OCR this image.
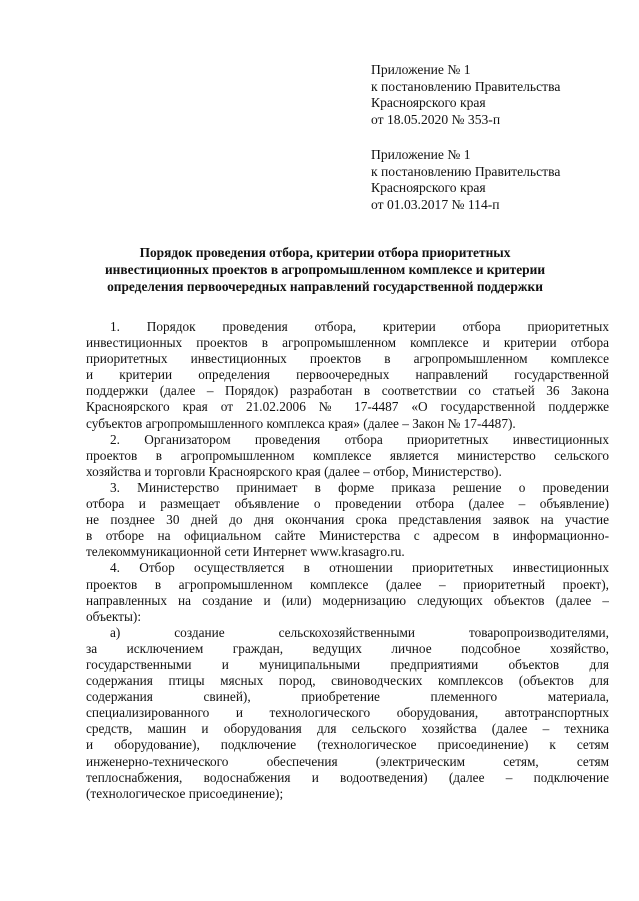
Приложение № 1
к постановлению Правительства
Красноярского края
от 18.05.2020 № 353-п
Приложение № 1
к постановлению Правительства
Красноярского края
от 01.03.2017 № 114-п
Порядок проведения отбора, критерии отбора приоритетных
инвестиционных проектов в агропромышленном комплексе и критерии
определения первоочередных направлений государственной поддержки
1. Порядок проведения отбора, критерии отбора приоритетных
инвестиционных проектов в агропромышленном комплексе и критерии отбора
приоритетных инвестиционных проектов в агропромышленном комплексе
и критерии определения первоочередных направлений государственной
поддержки (далее – Порядок) разработан в соответствии со статьей 36 Закона
Красноярского края от 21.02.2006 № 17-4487 «О государственной поддержке
субъектов агропромышленного комплекса края» (далее – Закон № 17-4487).
2. Организатором проведения отбора приоритетных инвестиционных
проектов в агропромышленном комплексе является министерство сельского
хозяйства и торговли Красноярского края (далее – отбор, Министерство).
3. Министерство принимает в форме приказа решение о проведении
отбора и размещает объявление о проведении отбора (далее – объявление)
не позднее 30 дней до дня окончания срока представления заявок на участие
в отборе на официальном сайте Министерства с адресом в информационно-
телекоммуникационной сети Интернет www.krasagro.ru.
4. Отбор осуществляется в отношении приоритетных инвестиционных
проектов в агропромышленном комплексе (далее – приоритетный проект),
направленных на создание и (или) модернизацию следующих объектов (далее –
объекты):
а) создание сельскохозяйственными товаропроизводителями,
за исключением граждан, ведущих личное подсобное хозяйство,
государственными и муниципальными предприятиями объектов для
содержания птицы мясных пород, свиноводческих комплексов (объектов для
содержания свиней), приобретение племенного материала,
специализированного и технологического оборудования, автотранспортных
средств, машин и оборудования для сельского хозяйства (далее – техника
и оборудование), подключение (технологическое присоединение) к сетям
инженерно-технического обеспечения (электрическим сетям, сетям
теплоснабжения, водоснабжения и водоотведения) (далее – подключение
(технологическое присоединение);
